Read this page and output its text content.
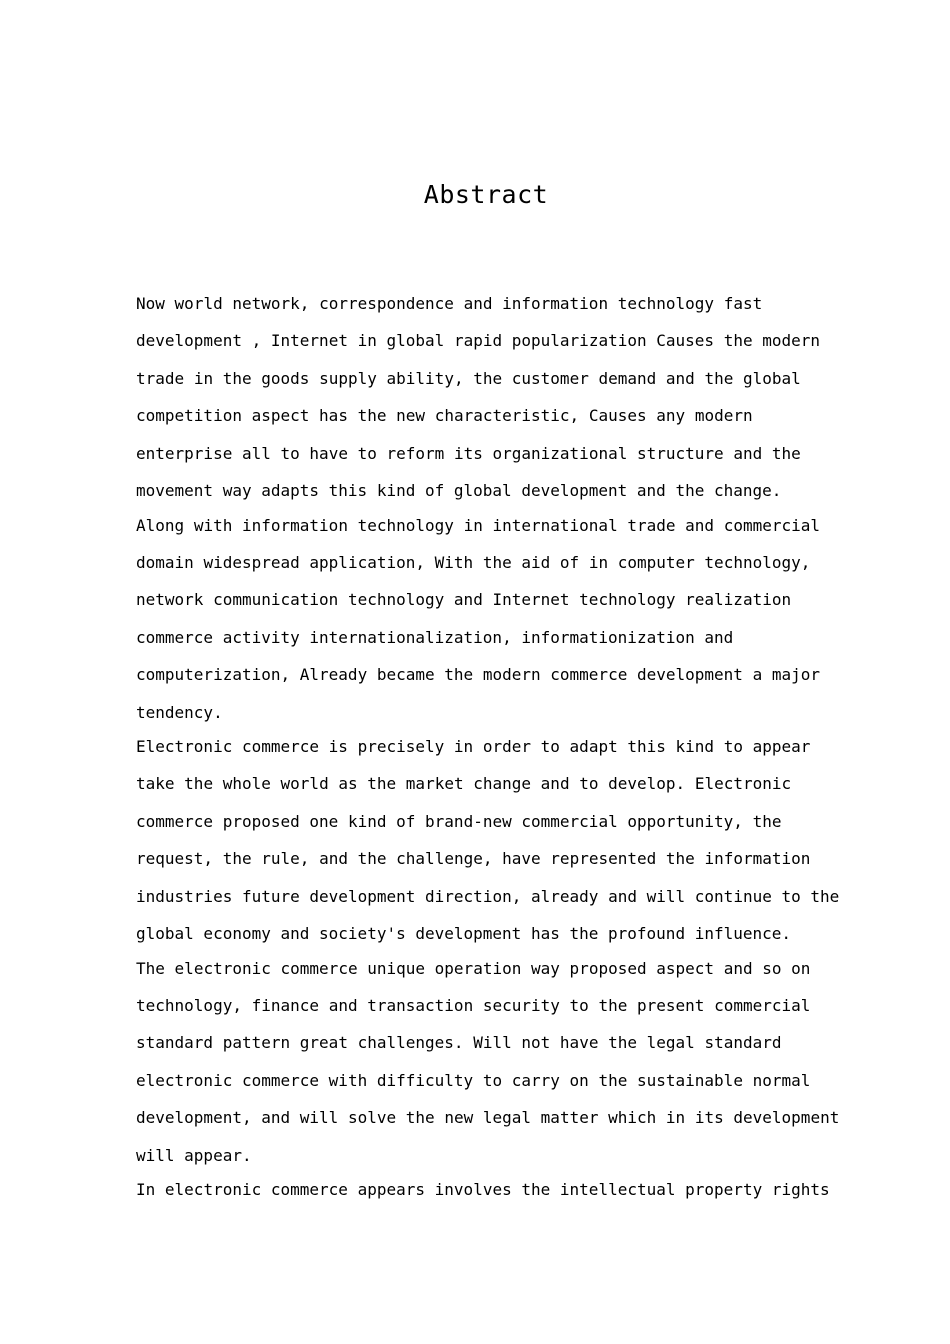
Abstract
Now world network, correspondence and information technology fast
development , Internet in global rapid popularization Causes the modern
trade in the goods supply ability, the customer demand and the global
competition aspect has the new characteristic, Causes any modern
enterprise all to have to reform its organizational structure and the
movement way adapts this kind of global development and the change.
Along with information technology in international trade and commercial
domain widespread application, With the aid of in computer technology,
network communication technology and Internet technology realization
commerce activity internationalization, informationization and
computerization, Already became the modern commerce development a major
tendency.
Electronic commerce is precisely in order to adapt this kind to appear
take the whole world as the market change and to develop. Electronic
commerce proposed one kind of brand-new commercial opportunity, the
request, the rule, and the challenge, have represented the information
industries future development direction, already and will continue to the
global economy and society's development has the profound influence.
The electronic commerce unique operation way proposed aspect and so on
technology, finance and transaction security to the present commercial
standard pattern great challenges. Will not have the legal standard
electronic commerce with difficulty to carry on the sustainable normal
development, and will solve the new legal matter which in its development
will appear.
In electronic commerce appears involves the intellectual property rights
